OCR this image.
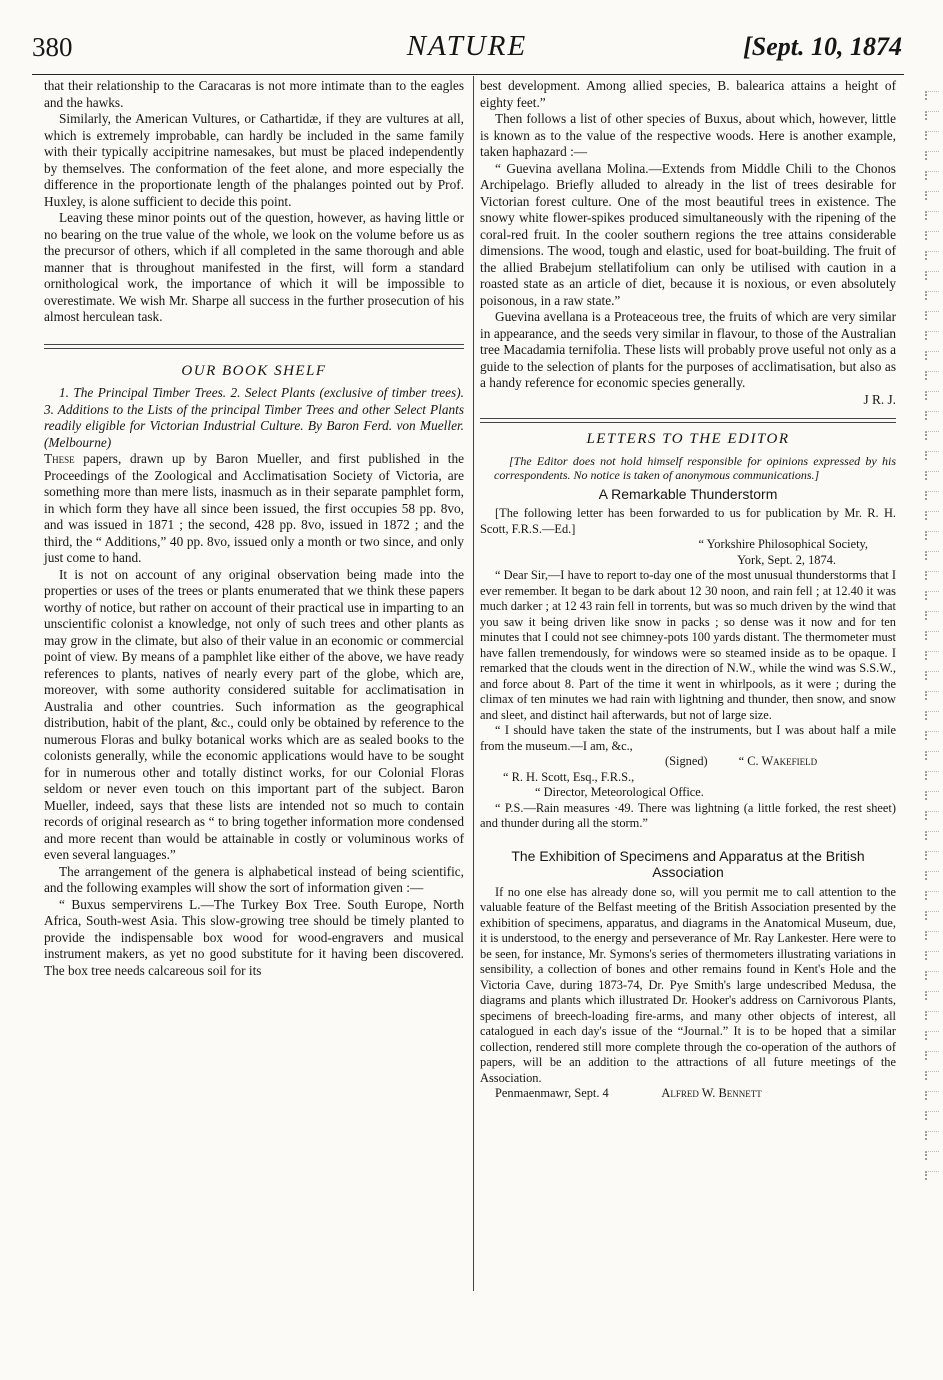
380	NATURE	[Sept. 10, 1874

that their relationship to the Caracaras is not more intimate than to the eagles and the hawks.

Similarly, the American Vultures, or Cathartidæ, if they are vultures at all, which is extremely improbable, can hardly be included in the same family with their typically accipitrine namesakes, but must be placed independently by themselves. The conformation of the feet alone, and more especially the difference in the proportionate length of the phalanges pointed out by Prof. Huxley, is alone sufficient to decide this point.

Leaving these minor points out of the question, however, as having little or no bearing on the true value of the whole, we look on the volume before us as the precursor of others, which if all completed in the same thorough and able manner that is throughout manifested in the first, will form a standard ornithological work, the importance of which it will be impossible to overestimate. We wish Mr. Sharpe all success in the further prosecution of his almost herculean task.

OUR BOOK SHELF

1. The Principal Timber Trees. 2. Select Plants (exclusive of timber trees). 3. Additions to the Lists of the principal Timber Trees and other Select Plants readily eligible for Victorian Industrial Culture. By Baron Ferd. von Mueller. (Melbourne)

These papers, drawn up by Baron Mueller, and first published in the Proceedings of the Zoological and Acclimatisation Society of Victoria, are something more than mere lists, inasmuch as in their separate pamphlet form, in which form they have all since been issued, the first occupies 58 pp. 8vo, and was issued in 1871 ; the second, 428 pp. 8vo, issued in 1872 ; and the third, the “ Additions,” 40 pp. 8vo, issued only a month or two since, and only just come to hand.

It is not on account of any original observation being made into the properties or uses of the trees or plants enumerated that we think these papers worthy of notice, but rather on account of their practical use in imparting to an unscientific colonist a knowledge, not only of such trees and other plants as may grow in the climate, but also of their value in an economic or commercial point of view. By means of a pamphlet like either of the above, we have ready references to plants, natives of nearly every part of the globe, which are, moreover, with some authority considered suitable for acclimatisation in Australia and other countries. Such information as the geographical distribution, habit of the plant, &c., could only be obtained by reference to the numerous Floras and bulky botanical works which are as sealed books to the colonists generally, while the economic applications would have to be sought for in numerous other and totally distinct works, for our Colonial Floras seldom or never even touch on this important part of the subject. Baron Mueller, indeed, says that these lists are intended not so much to contain records of original research as “ to bring together information more condensed and more recent than would be attainable in costly or voluminous works of even several languages.”

The arrangement of the genera is alphabetical instead of being scientific, and the following examples will show the sort of information given :—

“ Buxus sempervirens L.—The Turkey Box Tree. South Europe, North Africa, South-west Asia. This slow-growing tree should be timely planted to provide the indispensable box wood for wood-engravers and musical instrument makers, as yet no good substitute for it having been discovered. The box tree needs calcareous soil for its

best development. Among allied species, B. balearica attains a height of eighty feet.”

Then follows a list of other species of Buxus, about which, however, little is known as to the value of the respective woods. Here is another example, taken haphazard :—

“ Guevina avellana Molina.—Extends from Middle Chili to the Chonos Archipelago. Briefly alluded to already in the list of trees desirable for Victorian forest culture. One of the most beautiful trees in existence. The snowy white flower-spikes produced simultaneously with the ripening of the coral-red fruit. In the cooler southern regions the tree attains considerable dimensions. The wood, tough and elastic, used for boat-building. The fruit of the allied Brabejum stellatifolium can only be utilised with caution in a roasted state as an article of diet, because it is noxious, or even absolutely poisonous, in a raw state.”

Guevina avellana is a Proteaceous tree, the fruits of which are very similar in appearance, and the seeds very similar in flavour, to those of the Australian tree Macadamia ternifolia. These lists will probably prove useful not only as a guide to the selection of plants for the purposes of acclimatisation, but also as a handy reference for economic species generally.

J R. J.

LETTERS TO THE EDITOR

[The Editor does not hold himself responsible for opinions expressed by his correspondents. No notice is taken of anonymous communications.]

A Remarkable Thunderstorm

[The following letter has been forwarded to us for publication by Mr. R. H. Scott, F.R.S.—Ed.]

“ Yorkshire Philosophical Society,

York, Sept. 2, 1874.

“ Dear Sir,—I have to report to-day one of the most unusual thunderstorms that I ever remember. It began to be dark about 12 30 noon, and rain fell ; at 12.40 it was much darker ; at 12 43 rain fell in torrents, but was so much driven by the wind that you saw it being driven like snow in packs ; so dense was it now and for ten minutes that I could not see chimney-pots 100 yards distant. The thermometer must have fallen tremendously, for windows were so steamed inside as to be opaque. I remarked that the clouds went in the direction of N.W., while the wind was S.S.W., and force about 8. Part of the time it went in whirlpools, as it were ; during the climax of ten minutes we had rain with lightning and thunder, then snow, and snow and sleet, and distinct hail afterwards, but not of large size.

“ I should have taken the state of the instruments, but I was about half a mile from the museum.—I am, &c.,

(Signed) “ C. Wakefield

“ R. H. Scott, Esq., F.R.S.,

“ Director, Meteorological Office.

“ P.S.—Rain measures ·49. There was lightning (a little forked, the rest sheet) and thunder during all the storm.”

The Exhibition of Specimens and Apparatus at the British Association

If no one else has already done so, will you permit me to call attention to the valuable feature of the Belfast meeting of the British Association presented by the exhibition of specimens, apparatus, and diagrams in the Anatomical Museum, due, it is understood, to the energy and perseverance of Mr. Ray Lankester. Here were to be seen, for instance, Mr. Symons's series of thermometers illustrating variations in sensibility, a collection of bones and other remains found in Kent's Hole and the Victoria Cave, during 1873-74, Dr. Pye Smith's large undescribed Medusa, the diagrams and plants which illustrated Dr. Hooker's address on Carnivorous Plants, specimens of breech-loading fire-arms, and many other objects of interest, all catalogued in each day's issue of the “Journal.” It is to be hoped that a similar collection, rendered still more complete through the co-operation of the authors of papers, will be an addition to the attractions of all future meetings of the Association.

Penmaenmawr, Sept. 4	Alfred W. Bennett
